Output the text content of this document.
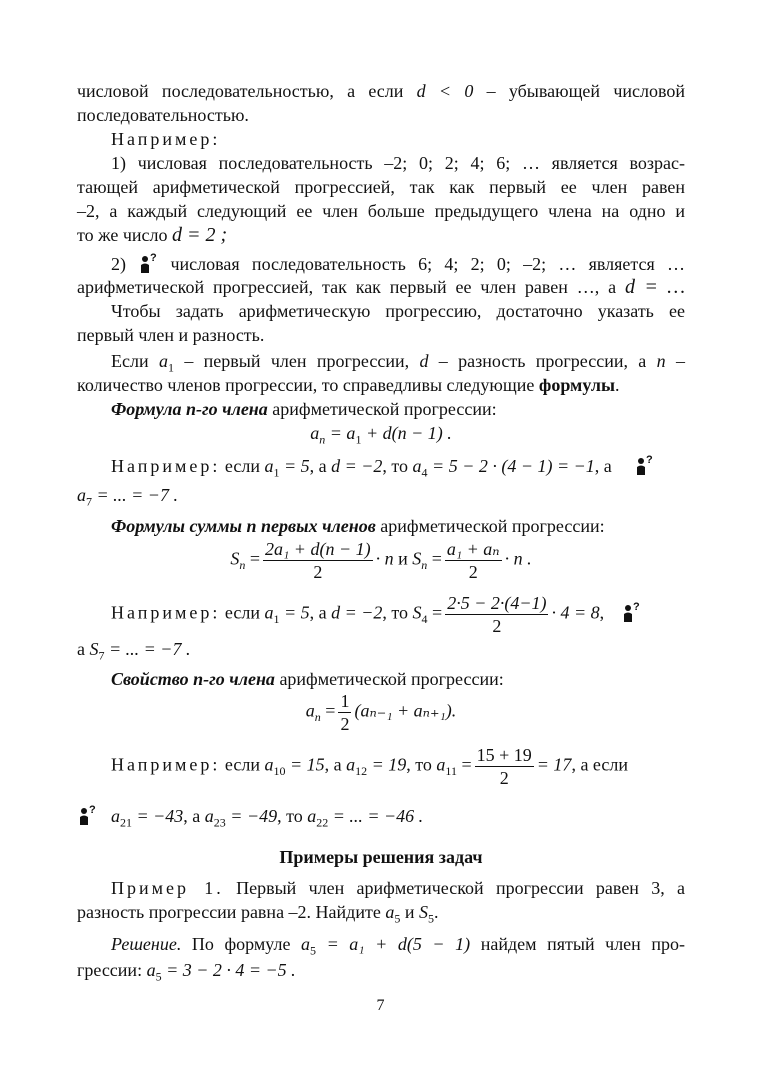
числовой последовательностью, а если d < 0 – убывающей числовой
последовательностью.
Например:
1) числовая последовательность –2; 0; 2; 4; 6; … является возрас-
тающей арифметической прогрессией, так как первый ее член равен
–2, а каждый следующий ее член больше предыдущего члена на одно и
то же число d = 2 ;
2) ? числовая последовательность 6; 4; 2; 0; –2; … является …
арифметической прогрессией, так как первый ее член равен …, а d = …
Чтобы задать арифметическую прогрессию, достаточно указать ее
первый член и разность.
Если $a_1$ – первый член прогрессии, d – разность прогрессии, а n –
количество членов прогрессии, то справедливы следующие формулы.
Формула n-го члена арифметической прогрессии:
$a_n = a_1 + d(n - 1)$ .
Например: если $a_1 = 5$, а d = −2, то $a_4 = 5 - 2 \cdot (4 - 1) = -1$, а	?
$a_7$ = ... = −7 .
Формулы суммы n первых членов арифметической прогрессии:
$S_n = \frac{\text{2a₁ + d(n − 1)}}{2} \cdot n$ и $S_n = \frac{\text{a₁ + aₙ}}{2} \cdot n$ .
Например: если $a_1 = 5$, а d = −2, то $S_4 = \frac{2\cdot 5 - 2\cdot(4-1)}{2} \cdot 4 = 8$,	?
а $S_7$ = ... = −7 .
Свойство n-го члена арифметической прогрессии:
$a_n = \frac{1}{2} (a_{n-1} + a_{n+1})$.
Например: если $a_{10} = 15$, а $a_{12} = 19$, то $a_{11} = \frac{15 + 19}{2} = 17$, а если
? $a_{21} = -43$, а $a_{23} = -49$, то $a_{22}$ = ... = −46 .
Примеры решения задач
Пример 1. Первый член арифметической прогрессии равен 3, а
разность прогрессии равна –2. Найдите $a_5$ и $S_5$.
Решение. По формуле $a_5 = a_1 + d(5 - 1)$ найдем пятый член про-
грессии: $a_5 = 3 - 2 \cdot 4 = -5$ .
7
